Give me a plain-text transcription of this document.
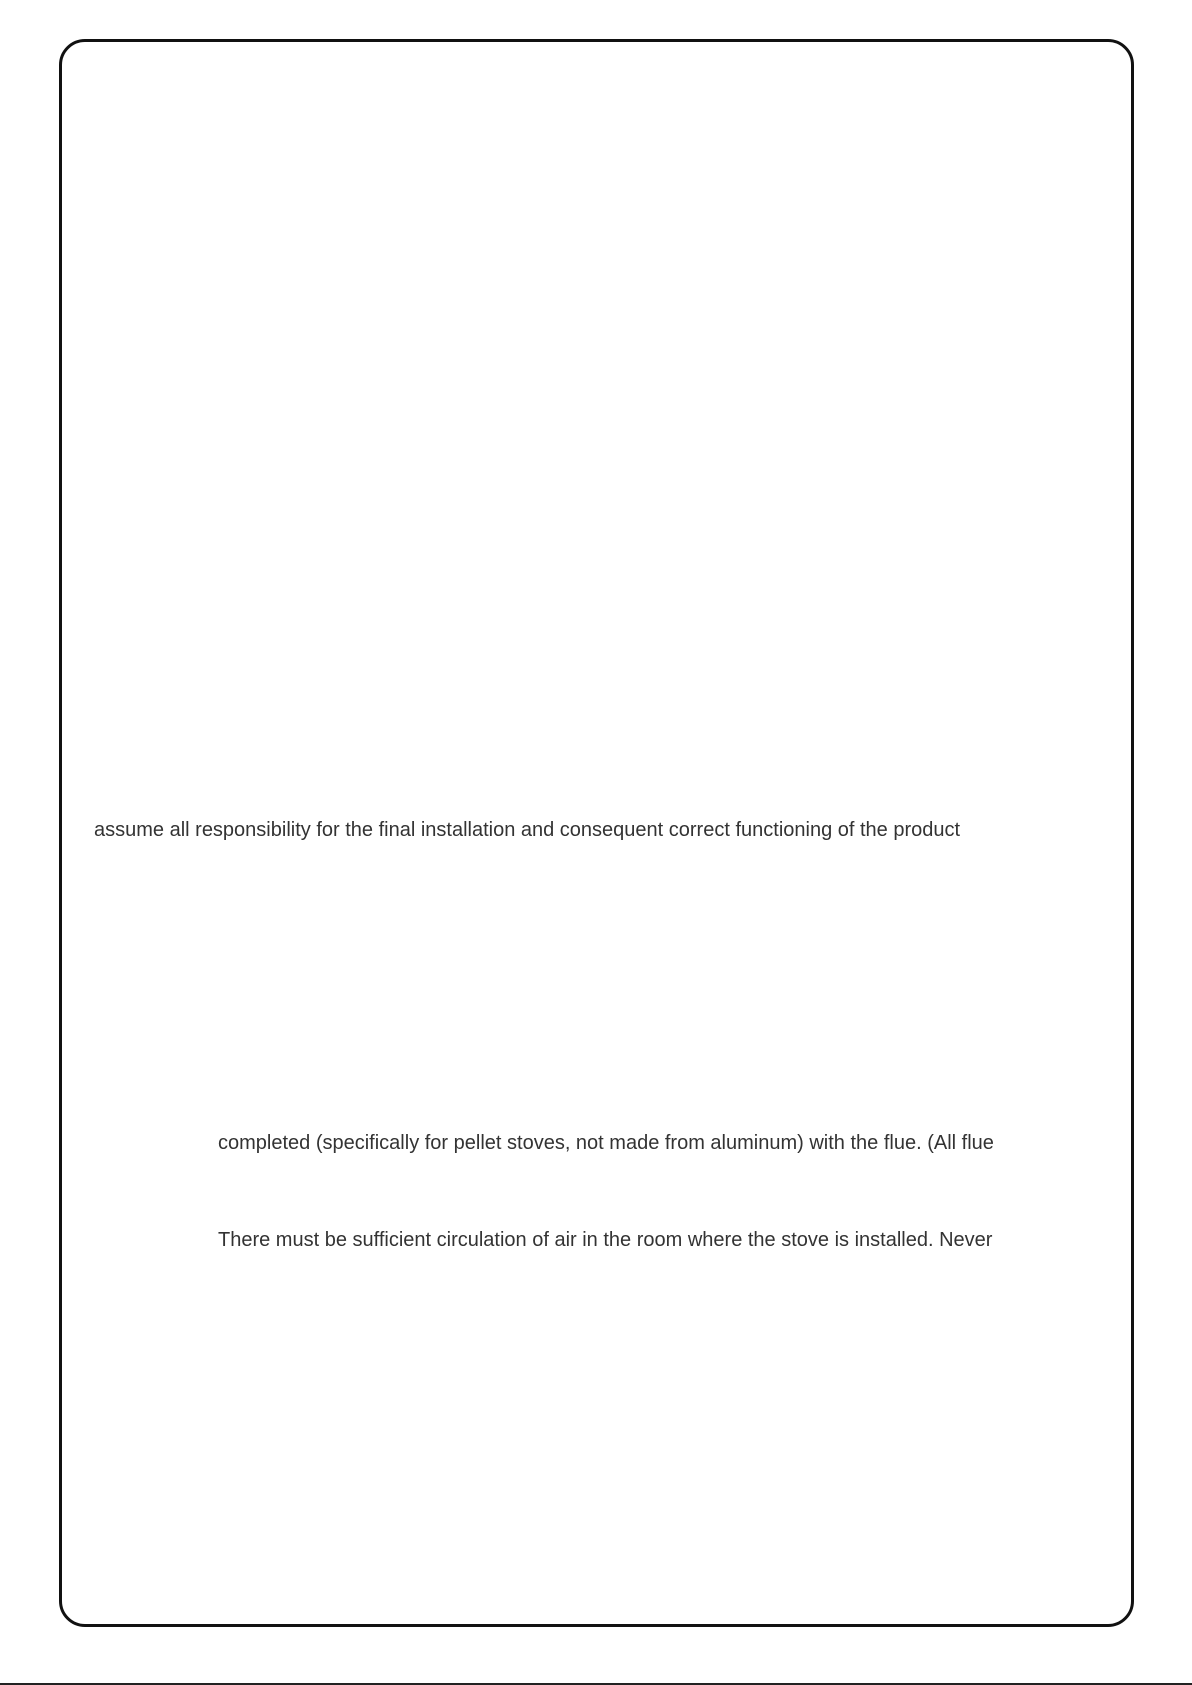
assume all responsibility for the final installation and consequent correct functioning of the product
completed (specifically for pellet stoves, not made from aluminum) with the flue. (All flue
There must be sufficient circulation of air in the room where the stove is installed. Never
